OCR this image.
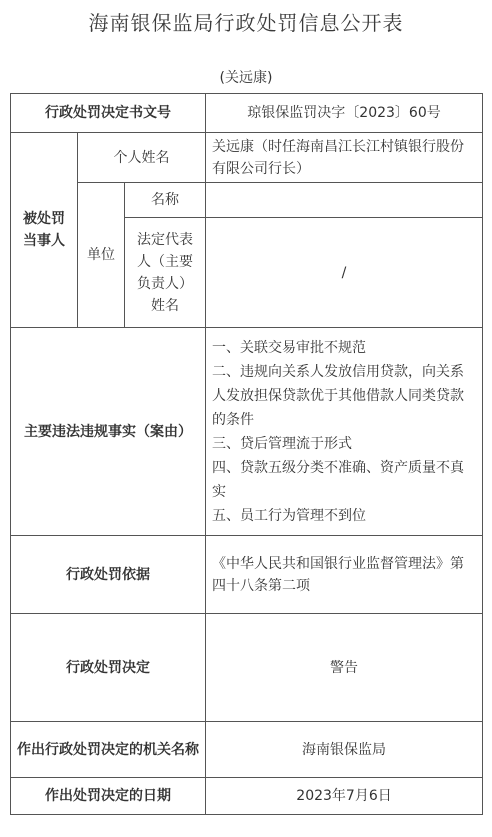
海南银保监局行政处罚信息公开表
(关远康)
行政处罚决定书文号			琼银保监罚决字〔2023〕60号
被处罚当事人	个人姓名		关远康（时任海南昌江长江村镇银行股份有限公司行长）
	单位	名称	
		法定代表人（主要负责人）姓名	/
主要违法违规事实（案由）			一、关联交易审批不规范
二、违规向关系人发放信用贷款，向关系人发放担保贷款优于其他借款人同类贷款的条件
三、贷后管理流于形式
四、贷款五级分类不准确、资产质量不真实
五、员工行为管理不到位

行政处罚依据			《中华人民共和国银行业监督管理法》第四十八条第二项
行政处罚决定			警告
作出行政处罚决定的机关名称			海南银保监局
作出处罚决定的日期			2023年7月6日
